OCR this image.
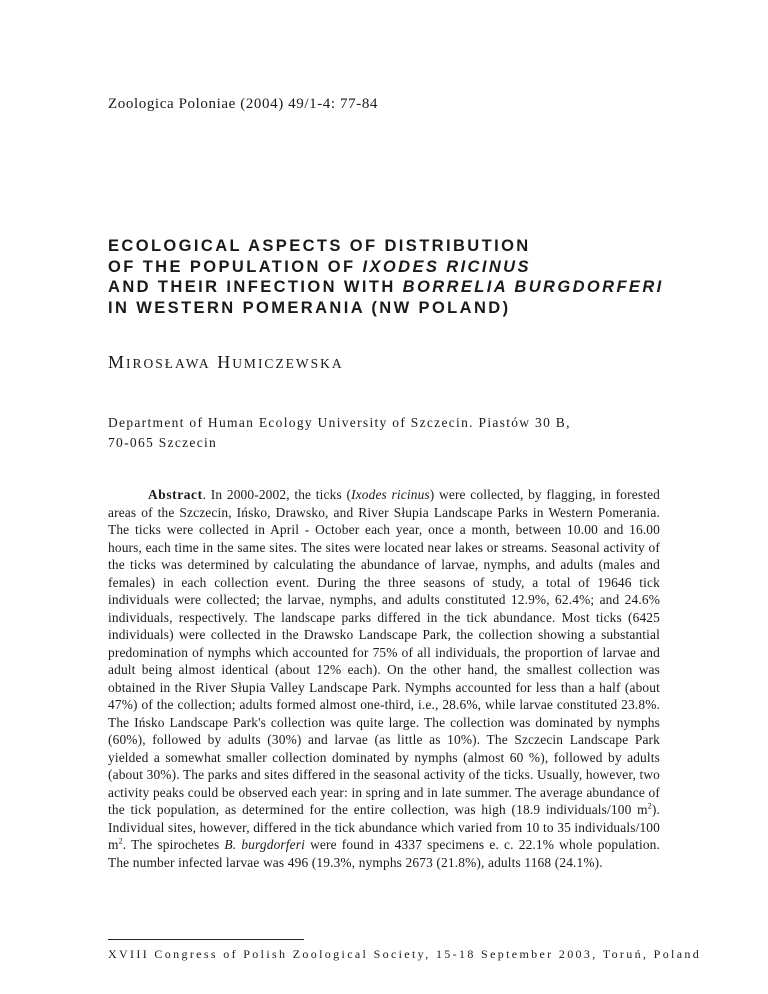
Zoologica Poloniae (2004) 49/1-4: 77-84
ECOLOGICAL ASPECTS OF DISTRIBUTION
OF THE POPULATION OF IXODES RICINUS
AND THEIR INFECTION WITH BORRELIA BURGDORFERI
IN WESTERN POMERANIA (NW POLAND)
MIROSŁAWA HUMICZEWSKA
Department of Human Ecology University of Szczecin. Piastów 30 B,
70-065 Szczecin
Abstract. In 2000-2002, the ticks (Ixodes ricinus) were collected, by flagging, in forested areas of the Szczecin, Ińsko, Drawsko, and River Słupia Landscape Parks in Western Pomerania. The ticks were collected in April - October each year, once a month, between 10.00 and 16.00 hours, each time in the same sites. The sites were located near lakes or streams. Seasonal activity of the ticks was determined by calculating the abundance of larvae, nymphs, and adults (males and females) in each collection event. During the three seasons of study, a total of 19646 tick individuals were collected; the larvae, nymphs, and adults constituted 12.9%, 62.4%; and 24.6% individuals, respectively. The landscape parks differed in the tick abundance. Most ticks (6425 individuals) were collected in the Drawsko Landscape Park, the collection showing a substantial predomination of nymphs which accounted for 75% of all individuals, the proportion of larvae and adult being almost identical (about 12% each). On the other hand, the smallest collection was obtained in the River Słupia Valley Landscape Park. Nymphs accounted for less than a half (about 47%) of the collection; adults formed almost one-third, i.e., 28.6%, while larvae constituted 23.8%. The Ińsko Landscape Park's collection was quite large. The collection was dominated by nymphs (60%), followed by adults (30%) and larvae (as little as 10%). The Szczecin Landscape Park yielded a somewhat smaller collection dominated by nymphs (almost 60 %), followed by adults (about 30%). The parks and sites differed in the seasonal activity of the ticks. Usually, however, two activity peaks could be observed each year: in spring and in late summer. The average abundance of the tick population, as determined for the entire collection, was high (18.9 individuals/100 $m^2$). Individual sites, however, differed in the tick abundance which varied from 10 to 35 individuals/100 $m^2$. The spirochetes B. burgdorferi were found in 4337 specimens e. c. 22.1% whole population. The number infected larvae was 496 (19.3%, nymphs 2673 (21.8%), adults 1168 (24.1%).
XVIII Congress of Polish Zoological Society, 15-18 September 2003, Toruń, Poland
